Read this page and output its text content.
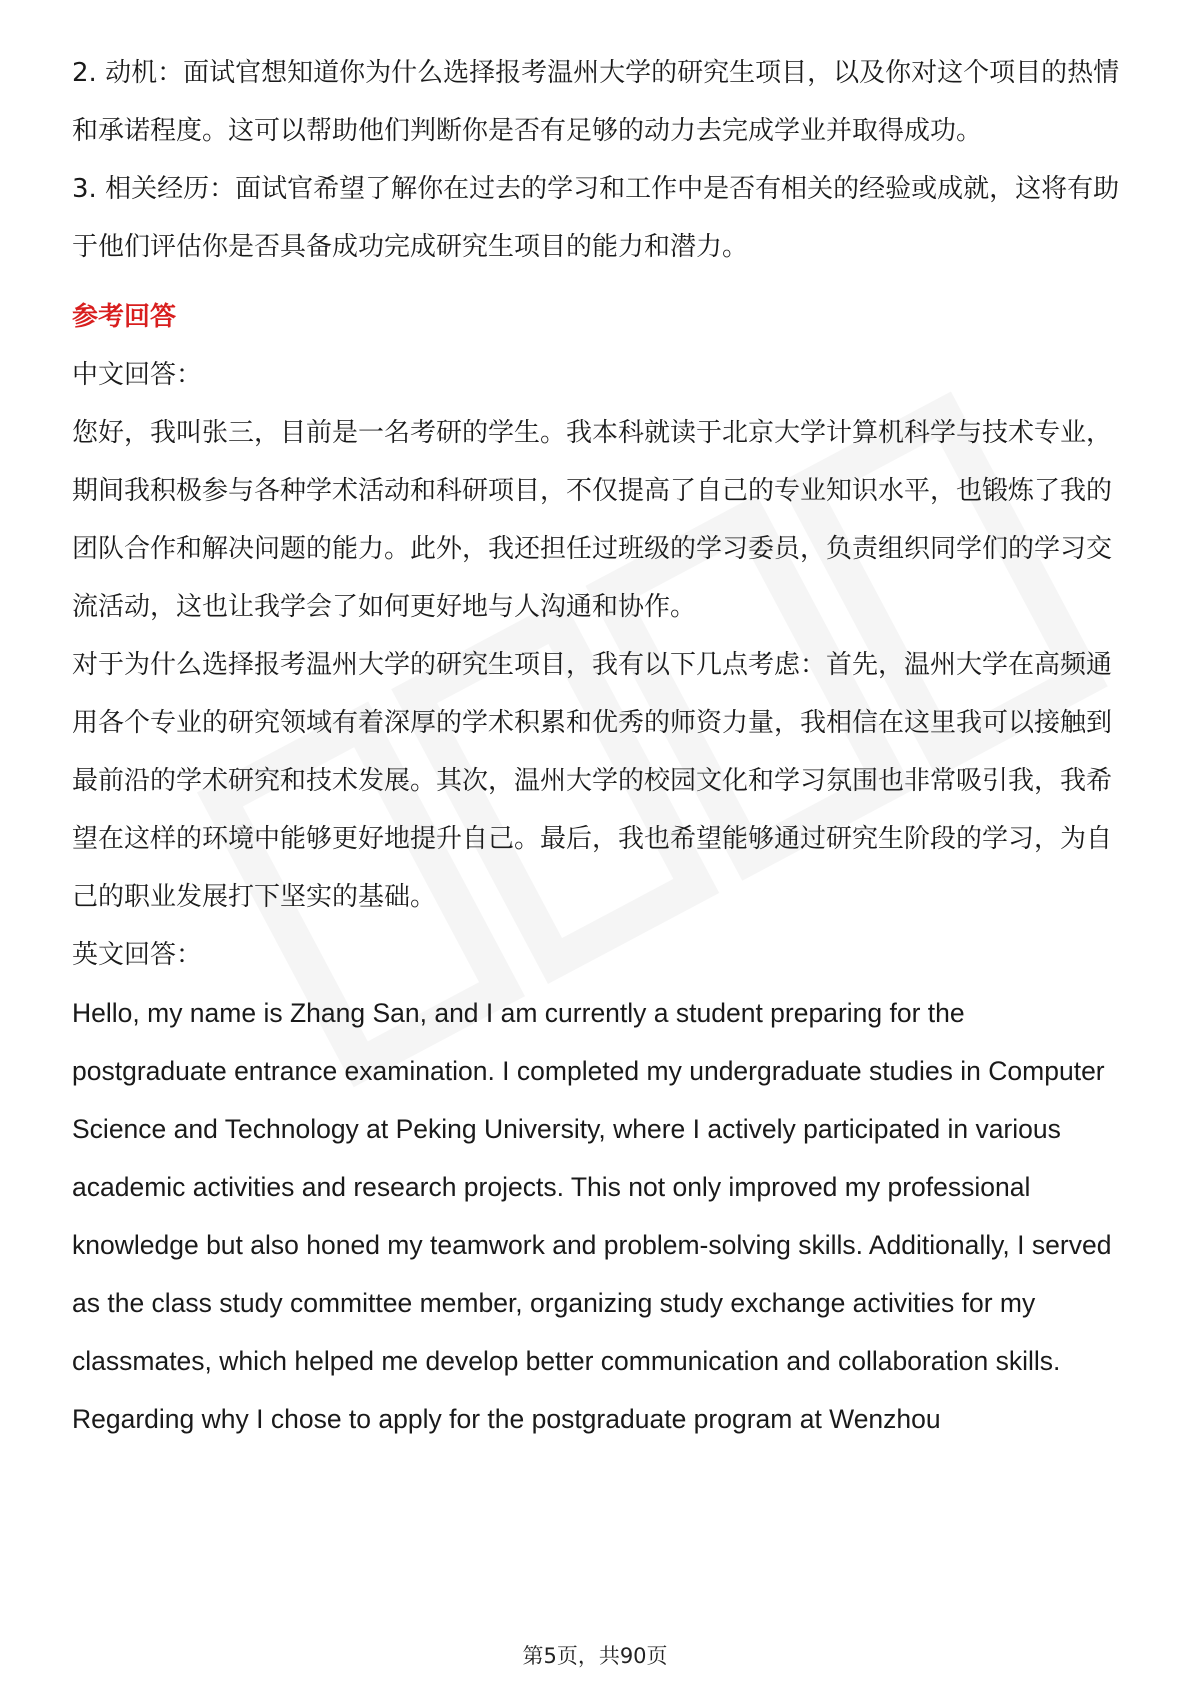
2. 动机：面试官想知道你为什么选择报考温州大学的研究生项目，以及你对这个项目的热情和承诺程度。这可以帮助他们判断你是否有足够的动力去完成学业并取得成功。

3. 相关经历：面试官希望了解你在过去的学习和工作中是否有相关的经验或成就，这将有助于他们评估你是否具备成功完成研究生项目的能力和潜力。

参考回答

中文回答：

您好，我叫张三，目前是一名考研的学生。我本科就读于北京大学计算机科学与技术专业，期间我积极参与各种学术活动和科研项目，不仅提高了自己的专业知识水平，也锻炼了我的团队合作和解决问题的能力。此外，我还担任过班级的学习委员，负责组织同学们的学习交流活动，这也让我学会了如何更好地与人沟通和协作。

对于为什么选择报考温州大学的研究生项目，我有以下几点考虑：首先，温州大学在高频通用各个专业的研究领域有着深厚的学术积累和优秀的师资力量，我相信在这里我可以接触到最前沿的学术研究和技术发展。其次，温州大学的校园文化和学习氛围也非常吸引我，我希望在这样的环境中能够更好地提升自己。最后，我也希望能够通过研究生阶段的学习，为自己的职业发展打下坚实的基础。

英文回答：

Hello, my name is Zhang San, and I am currently a student preparing for the postgraduate entrance examination. I completed my undergraduate studies in Computer Science and Technology at Peking University, where I actively participated in various academic activities and research projects. This not only improved my professional knowledge but also honed my teamwork and problem-solving skills. Additionally, I served as the class study committee member, organizing study exchange activities for my classmates, which helped me develop better communication and collaboration skills.

Regarding why I chose to apply for the postgraduate program at Wenzhou

第5页，共90页
